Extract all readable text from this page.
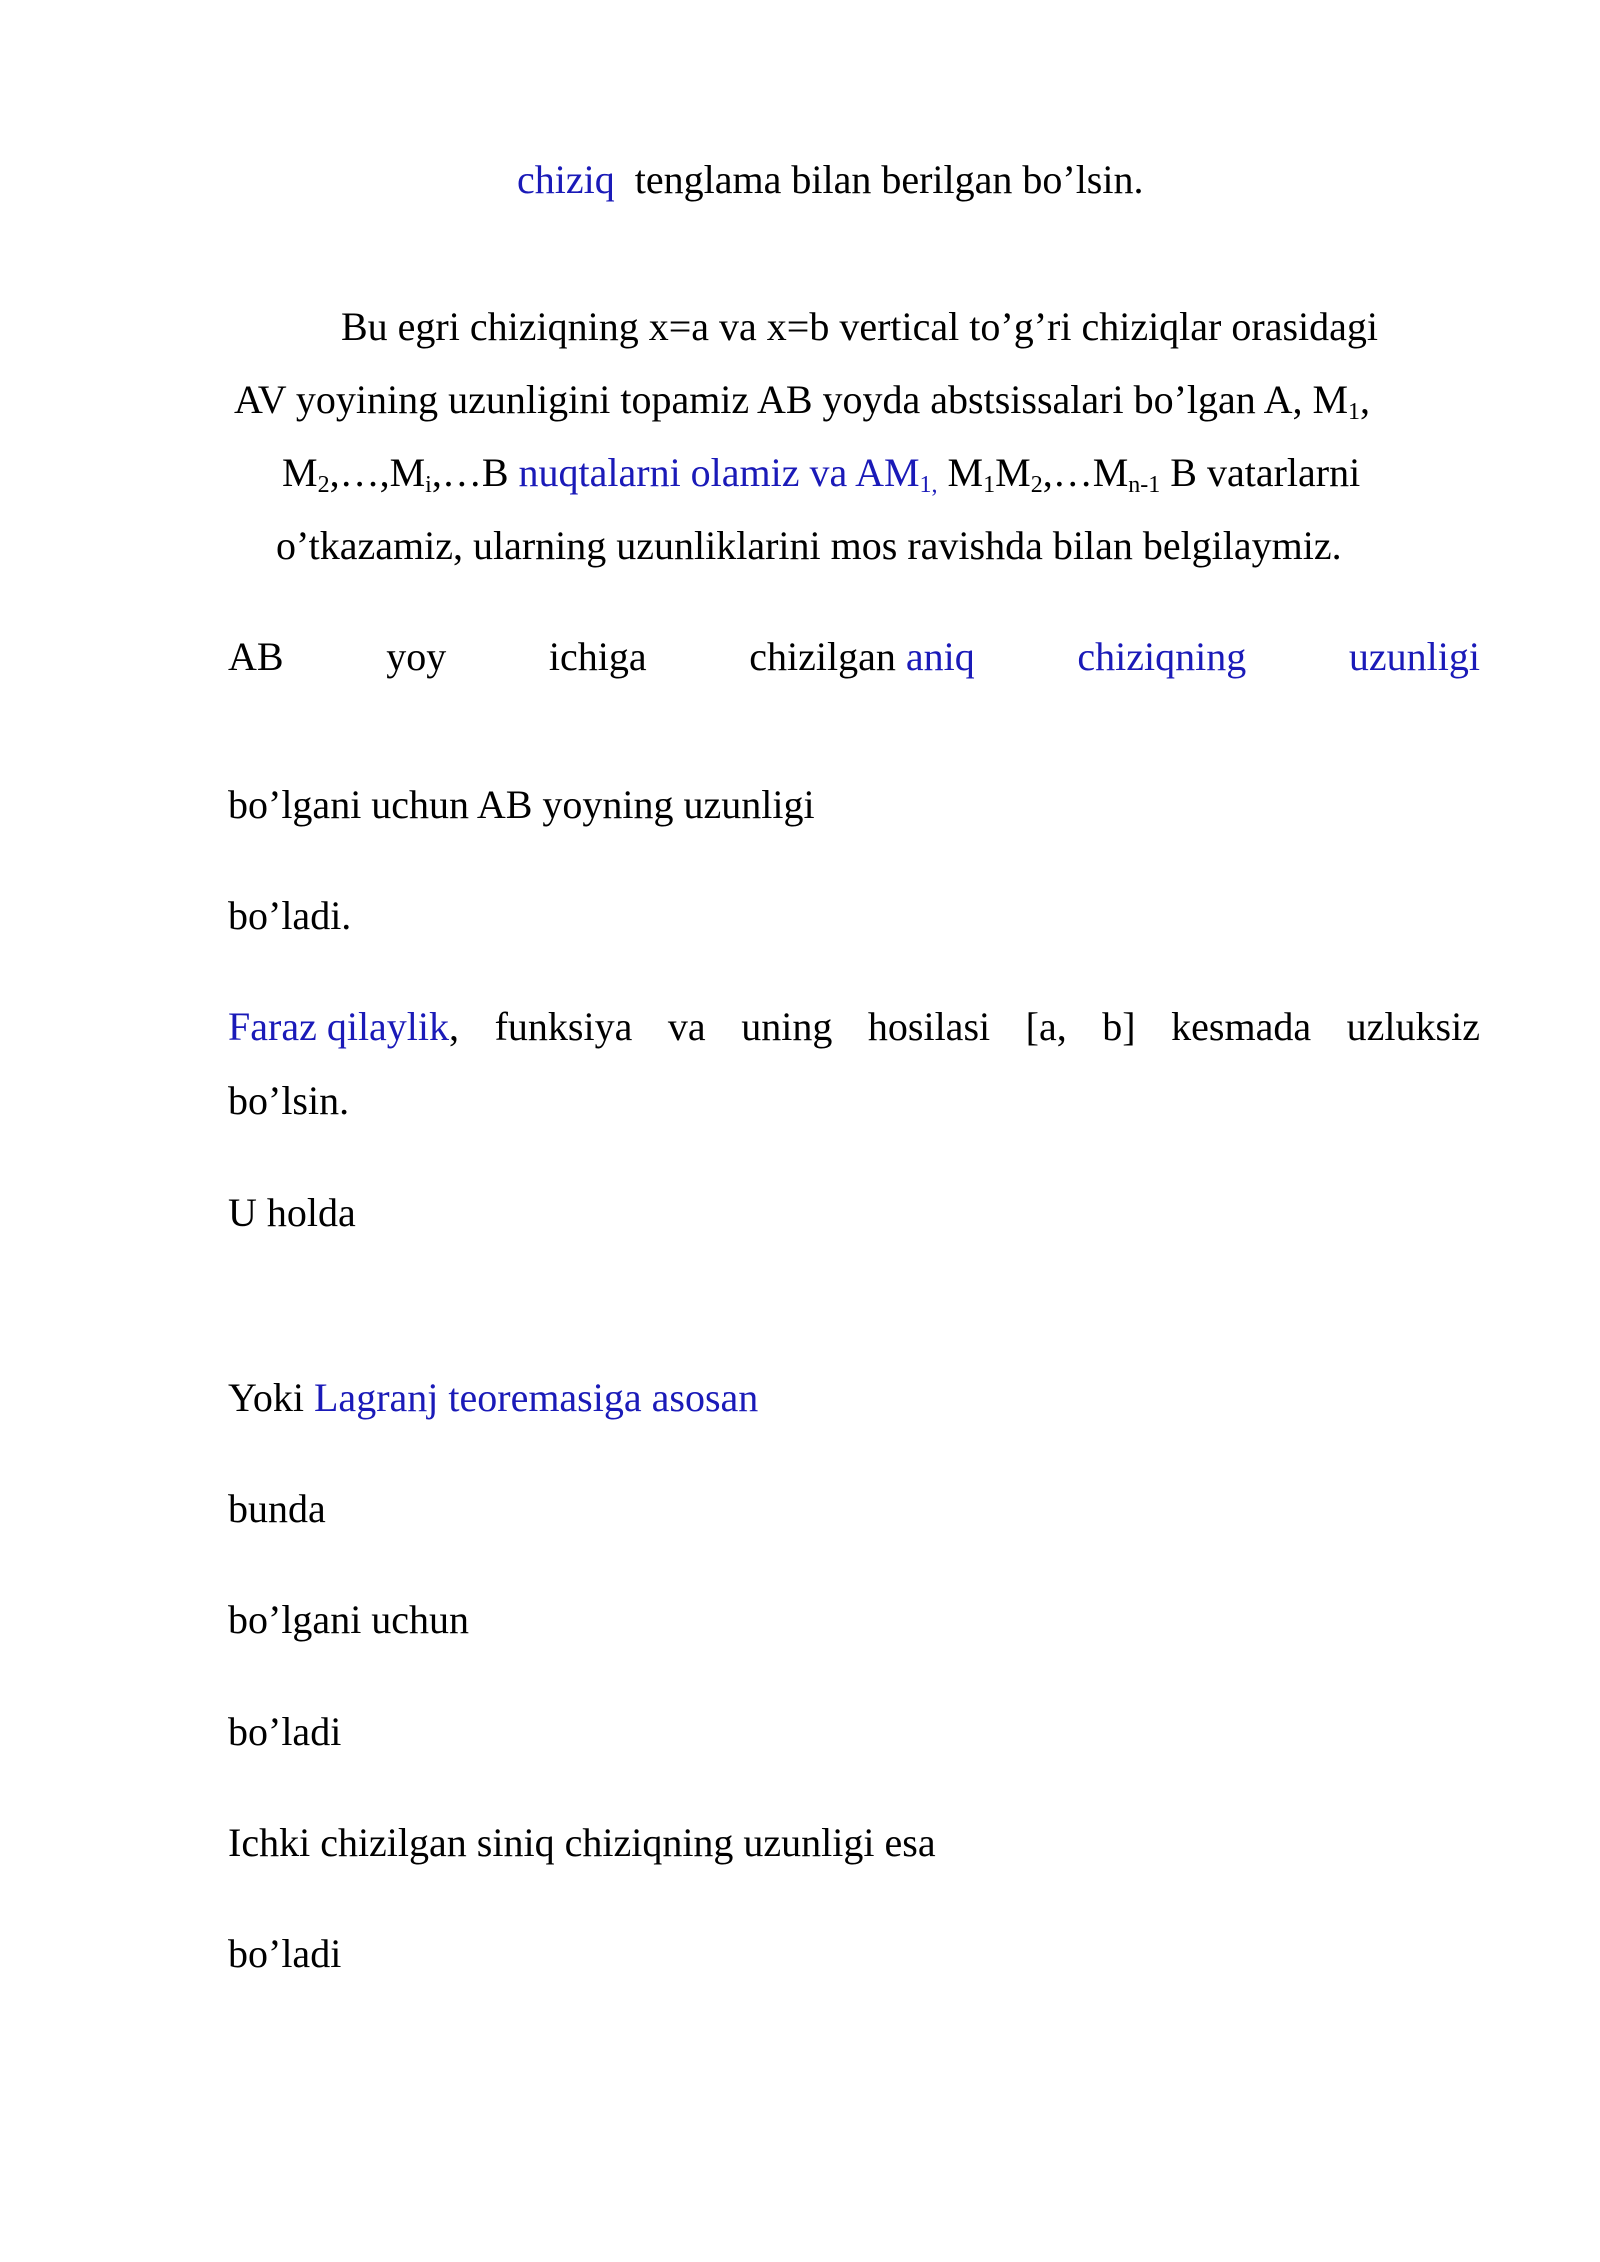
chiziq tenglama bilan berilgan bo’lsin.
Bu egri chiziqning x=a va x=b vertical to’g’ri chiziqlar orasidagi
AV yoyining uzunligini topamiz AB yoyda abstsissalari bo’lgan A, $M_1$,
$M_2,\dots,M_i,\dots B$ nuqtalarni olamiz va $AM_{1,}$ $M_1M_2,\dots M_{n-1}$ B vatarlarni
o’tkazamiz, ularning uzunliklarini mos ravishda bilan belgilaymiz.
AB	yoy	ichiga	chizilgan aniq	chiziqning	uzunligi
bo’lgani uchun AB yoyning uzunligi
bo’ladi.
Faraz qilaylik, funksiya va uning hosilasi [a, b] kesmada uzluksiz
bo’lsin.
U holda
Yoki Lagranj teoremasiga asosan
bunda
bo’lgani uchun
bo’ladi
Ichki chizilgan siniq chiziqning uzunligi esa
bo’ladi
